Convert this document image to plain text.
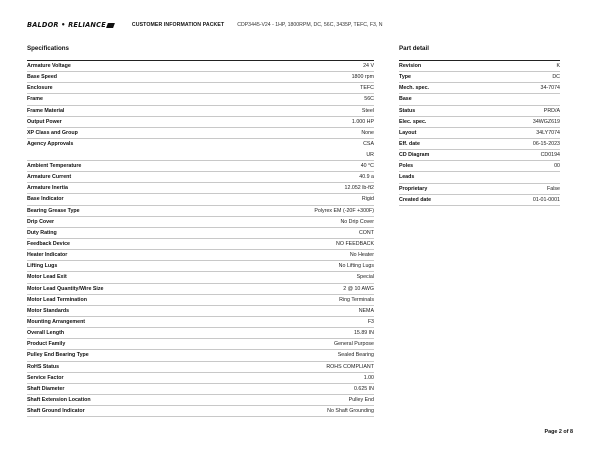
BALDOR • RELIANCE	CUSTOMER INFORMATION PACKET	CDP3445-V24 - 1HP, 1800RPM, DC, 56C, 3435P, TEFC, F3, N
Specifications	Part detail
Armature Voltage	24 V
Base Speed	1800 rpm
Enclosure	TEFC
Frame	56C
Frame Material	Steel
Output Power	1.000 HP
XP Class and Group	None
Agency Approvals	CSA
UR
Ambient Temperature	40 °C
Armature Current	40.9 a
Armature Inertia	12.052 lb-ft2
Base Indicator	Rigid
Bearing Grease Type	Polyrex EM (-20F +300F)
Drip Cover	No Drip Cover
Duty Rating	CONT
Feedback Device	NO FEEDBACK
Heater Indicator	No Heater
Lifting Lugs	No Lifting Lugs
Motor Lead Exit	Special
Motor Lead Quantity/Wire Size	2 @ 10 AWG
Motor Lead Termination	Ring Terminals
Motor Standards	NEMA
Mounting Arrangement	F3
Overall Length	15.89 IN
Product Family	General Purpose
Pulley End Bearing Type	Sealed Bearing
RoHS Status	ROHS COMPLIANT
Service Factor	1.00
Shaft Diameter	0.625 IN
Shaft Extension Location	Pulley End
Shaft Ground Indicator	No Shaft Grounding
Revision	K
Type	DC
Mech. spec.	34-7074
Base
Status	PRD/A
Elec. spec.	34WGZ619
Layout	34LY7074
Eff. date	06-15-2023
CD Diagram	CD0194
Poles	00
Leads
Proprietary	False
Created date	01-01-0001
Page 2 of 8
